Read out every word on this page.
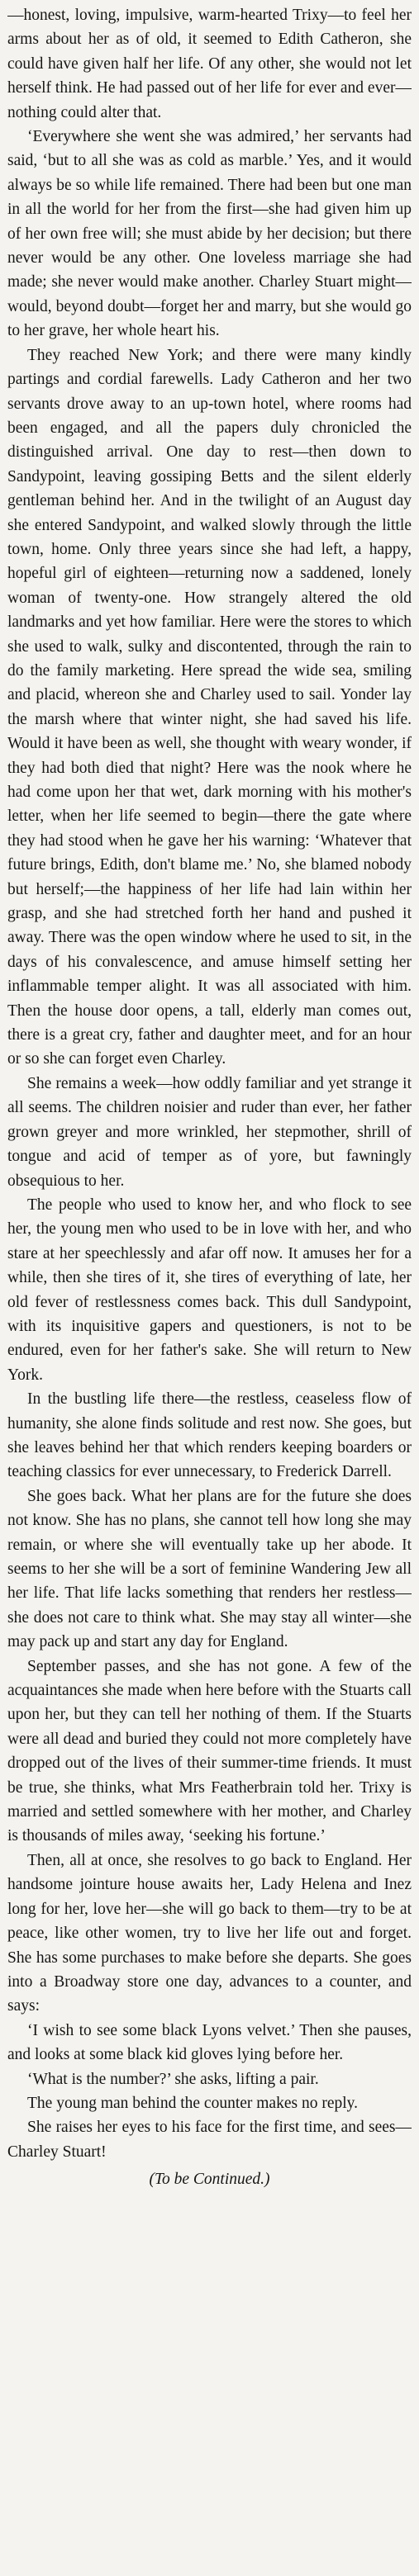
—honest, loving, impulsive, warm-hearted Trixy—to feel her arms about her as of old, it seemed to Edith Catheron, she could have given half her life. Of any other, she would not let herself think. He had passed out of her life for ever and ever—nothing could alter that.

‘Everywhere she went she was admired,’ her servants had said, ‘but to all she was as cold as marble.’ Yes, and it would always be so while life remained. There had been but one man in all the world for her from the first—she had given him up of her own free will; she must abide by her decision; but there never would be any other. One loveless marriage she had made; she never would make another. Charley Stuart might—would, beyond doubt—forget her and marry, but she would go to her grave, her whole heart his.

They reached New York; and there were many kindly partings and cordial farewells. Lady Catheron and her two servants drove away to an up-town hotel, where rooms had been engaged, and all the papers duly chronicled the distinguished arrival. One day to rest—then down to Sandypoint, leaving gossiping Betts and the silent elderly gentleman behind her. And in the twilight of an August day she entered Sandypoint, and walked slowly through the little town, home. Only three years since she had left, a happy, hopeful girl of eighteen—returning now a saddened, lonely woman of twenty-one. How strangely altered the old landmarks and yet how familiar. Here were the stores to which she used to walk, sulky and discontented, through the rain to do the family marketing. Here spread the wide sea, smiling and placid, whereon she and Charley used to sail. Yonder lay the marsh where that winter night, she had saved his life. Would it have been as well, she thought with weary wonder, if they had both died that night? Here was the nook where he had come upon her that wet, dark morning with his mother's letter, when her life seemed to begin—there the gate where they had stood when he gave her his warning: ‘Whatever that future brings, Edith, don't blame me.’ No, she blamed nobody but herself;—the happiness of her life had lain within her grasp, and she had stretched forth her hand and pushed it away. There was the open window where he used to sit, in the days of his convalescence, and amuse himself setting her inflammable temper alight. It was all associated with him. Then the house door opens, a tall, elderly man comes out, there is a great cry, father and daughter meet, and for an hour or so she can forget even Charley.

She remains a week—how oddly familiar and yet strange it all seems. The children noisier and ruder than ever, her father grown greyer and more wrinkled, her stepmother, shrill of tongue and acid of temper as of yore, but fawningly obsequious to her.

The people who used to know her, and who flock to see her, the young men who used to be in love with her, and who stare at her speechlessly and afar off now. It amuses her for a while, then she tires of it, she tires of everything of late, her old fever of restlessness comes back. This dull Sandypoint, with its inquisitive gapers and questioners, is not to be endured, even for her father's sake. She will return to New York.

In the bustling life there—the restless, ceaseless flow of humanity, she alone finds solitude and rest now. She goes, but she leaves behind her that which renders keeping boarders or teaching classics for ever unnecessary, to Frederick Darrell.

She goes back. What her plans are for the future she does not know. She has no plans, she cannot tell how long she may remain, or where she will eventually take up her abode. It seems to her she will be a sort of feminine Wandering Jew all her life. That life lacks something that renders her restless—she does not care to think what. She may stay all winter—she may pack up and start any day for England.

September passes, and she has not gone. A few of the acquaintances she made when here before with the Stuarts call upon her, but they can tell her nothing of them. If the Stuarts were all dead and buried they could not more completely have dropped out of the lives of their summer-time friends. It must be true, she thinks, what Mrs Featherbrain told her. Trixy is married and settled somewhere with her mother, and Charley is thousands of miles away, ‘seeking his fortune.’

Then, all at once, she resolves to go back to England. Her handsome jointure house awaits her, Lady Helena and Inez long for her, love her—she will go back to them—try to be at peace, like other women, try to live her life out and forget. She has some purchases to make before she departs. She goes into a Broadway store one day, advances to a counter, and says:

‘I wish to see some black Lyons velvet.’ Then she pauses, and looks at some black kid gloves lying before her.

‘What is the number?’ she asks, lifting a pair.

The young man behind the counter makes no reply.

She raises her eyes to his face for the first time, and sees—Charley Stuart!

(To be Continued.)
